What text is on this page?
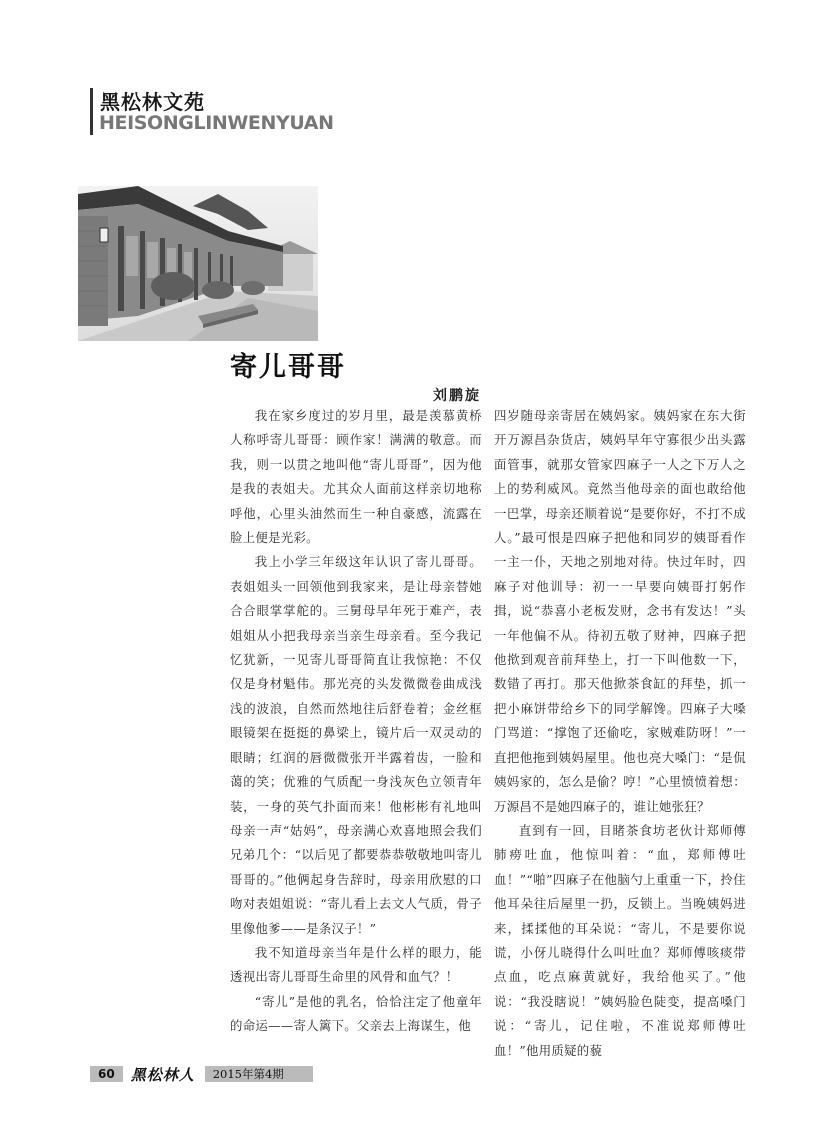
黑松林文苑
HEISONGLINWENYUAN
寄儿哥哥
刘鹏旋

我在家乡度过的岁月里，最是羡慕黄桥人称呼寄儿哥哥：顾作家！满满的敬意。而我，则一以贯之地叫他“寄儿哥哥”，因为他是我的表姐夫。尤其众人面前这样亲切地称呼他，心里头油然而生一种自豪感，流露在脸上便是光彩。

我上小学三年级这年认识了寄儿哥哥。表姐姐头一回领他到我家来，是让母亲替她合合眼掌掌舵的。三舅母早年死于难产，表姐姐从小把我母亲当亲生母亲看。至今我记忆犹新，一见寄儿哥哥简直让我惊艳：不仅仅是身材魁伟。那光亮的头发微微卷曲成浅浅的波浪，自然而然地往后舒卷着；金丝框眼镜架在挺挺的鼻梁上，镜片后一双灵动的眼睛；红润的唇微微张开半露着齿，一脸和蔼的笑；优雅的气质配一身浅灰色立领青年装，一身的英气扑面而来！他彬彬有礼地叫母亲一声“姑妈”，母亲满心欢喜地照会我们兄弟几个：“以后见了都要恭恭敬敬地叫寄儿哥哥的。”他俩起身告辞时，母亲用欣慰的口吻对表姐姐说：“寄儿看上去文人气质，骨子里像他爹——是条汉子！”

我不知道母亲当年是什么样的眼力，能透视出寄儿哥哥生命里的风骨和血气？！

“寄儿”是他的乳名，恰恰注定了他童年的命运——寄人篱下。父亲去上海谋生，他

四岁随母亲寄居在姨妈家。姨妈家在东大街开万源昌杂货店，姨妈早年守寡很少出头露面管事，就那女管家四麻子一人之下万人之上的势利威风。竟然当他母亲的面也敢给他一巴掌，母亲还顺着说“是要你好，不打不成人。”最可恨是四麻子把他和同岁的姨哥看作一主一仆，天地之别地对待。快过年时，四麻子对他训导：初一一早要向姨哥打躬作揖，说“恭喜小老板发财，念书有发达！”头一年他偏不从。待初五敬了财神，四麻子把他揿到观音前拜垫上，打一下叫他数一下，数错了再打。那天他掀茶食缸的拜垫，抓一把小麻饼带给乡下的同学解馋。四麻子大嗓门骂道：“撑饱了还偷吃，家贼难防呀！”一直把他拖到姨妈屋里。他也亮大嗓门：“是侃姨妈家的，怎么是偷？哼！”心里愤愤着想：万源昌不是她四麻子的，谁让她张狂？

直到有一回，目睹茶食坊老伙计郑师傅肺痨吐血，他惊叫着：“血，郑师傅吐血！”“啪”四麻子在他脑勺上重重一下，拎住他耳朵往后屋里一扔，反锁上。当晚姨妈进来，揉揉他的耳朵说：“寄儿，不是要你说谎，小伢儿晓得什么叫吐血？郑师傅咳痰带点血，吃点麻黄就好，我给他买了。”他说：“我没瞎说！”姨妈脸色陡变，提高嗓门说：“寄儿，记住啦，不准说郑师傅吐血！”他用质疑的藐

60	黑松林人	2015年第4期
